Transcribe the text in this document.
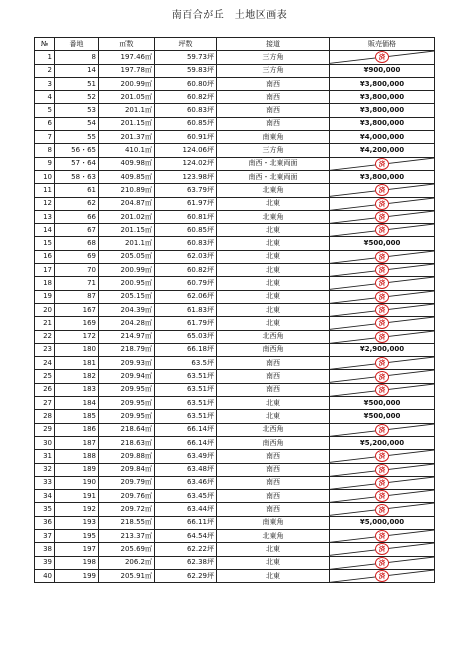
南百合が丘　土地区画表
№	番地	㎡数	坪数	接道	販売価格
1	8	197.46㎡	59.73坪	三方角	済
2	14	197.78㎡	59.83坪	三方角	¥900,000
3	51	200.99㎡	60.80坪	南西	¥3,800,000
4	52	201.05㎡	60.82坪	南西	¥3,800,000
5	53	201.1㎡	60.83坪	南西	¥3,800,000
6	54	201.15㎡	60.85坪	南西	¥3,800,000
7	55	201.37㎡	60.91坪	南東角	¥4,000,000
8	56・65	410.1㎡	124.06坪	三方角	¥4,200,000
9	57・64	409.98㎡	124.02坪	南西・北東両面	済
10	58・63	409.85㎡	123.98坪	南西・北東両面	¥3,800,000
11	61	210.89㎡	63.79坪	北東角	済
12	62	204.87㎡	61.97坪	北東	済
13	66	201.02㎡	60.81坪	北東角	済
14	67	201.15㎡	60.85坪	北東	済
15	68	201.1㎡	60.83坪	北東	¥500,000
16	69	205.05㎡	62.03坪	北東	済
17	70	200.99㎡	60.82坪	北東	済
18	71	200.95㎡	60.79坪	北東	済
19	87	205.15㎡	62.06坪	北東	済
20	167	204.39㎡	61.83坪	北東	済
21	169	204.28㎡	61.79坪	北東	済
22	172	214.97㎡	65.03坪	北西角	済
23	180	218.79㎡	66.18坪	南西角	¥2,900,000
24	181	209.93㎡	63.5坪	南西	済
25	182	209.94㎡	63.51坪	南西	済
26	183	209.95㎡	63.51坪	南西	済
27	184	209.95㎡	63.51坪	北東	¥500,000
28	185	209.95㎡	63.51坪	北東	¥500,000
29	186	218.64㎡	66.14坪	北西角	済
30	187	218.63㎡	66.14坪	南西角	¥5,200,000
31	188	209.88㎡	63.49坪	南西	済
32	189	209.84㎡	63.48坪	南西	済
33	190	209.79㎡	63.46坪	南西	済
34	191	209.76㎡	63.45坪	南西	済
35	192	209.72㎡	63.44坪	南西	済
36	193	218.55㎡	66.11坪	南東角	¥5,000,000
37	195	213.37㎡	64.54坪	北東角	済
38	197	205.69㎡	62.22坪	北東	済
39	198	206.2㎡	62.38坪	北東	済
40	199	205.91㎡	62.29坪	北東	済
